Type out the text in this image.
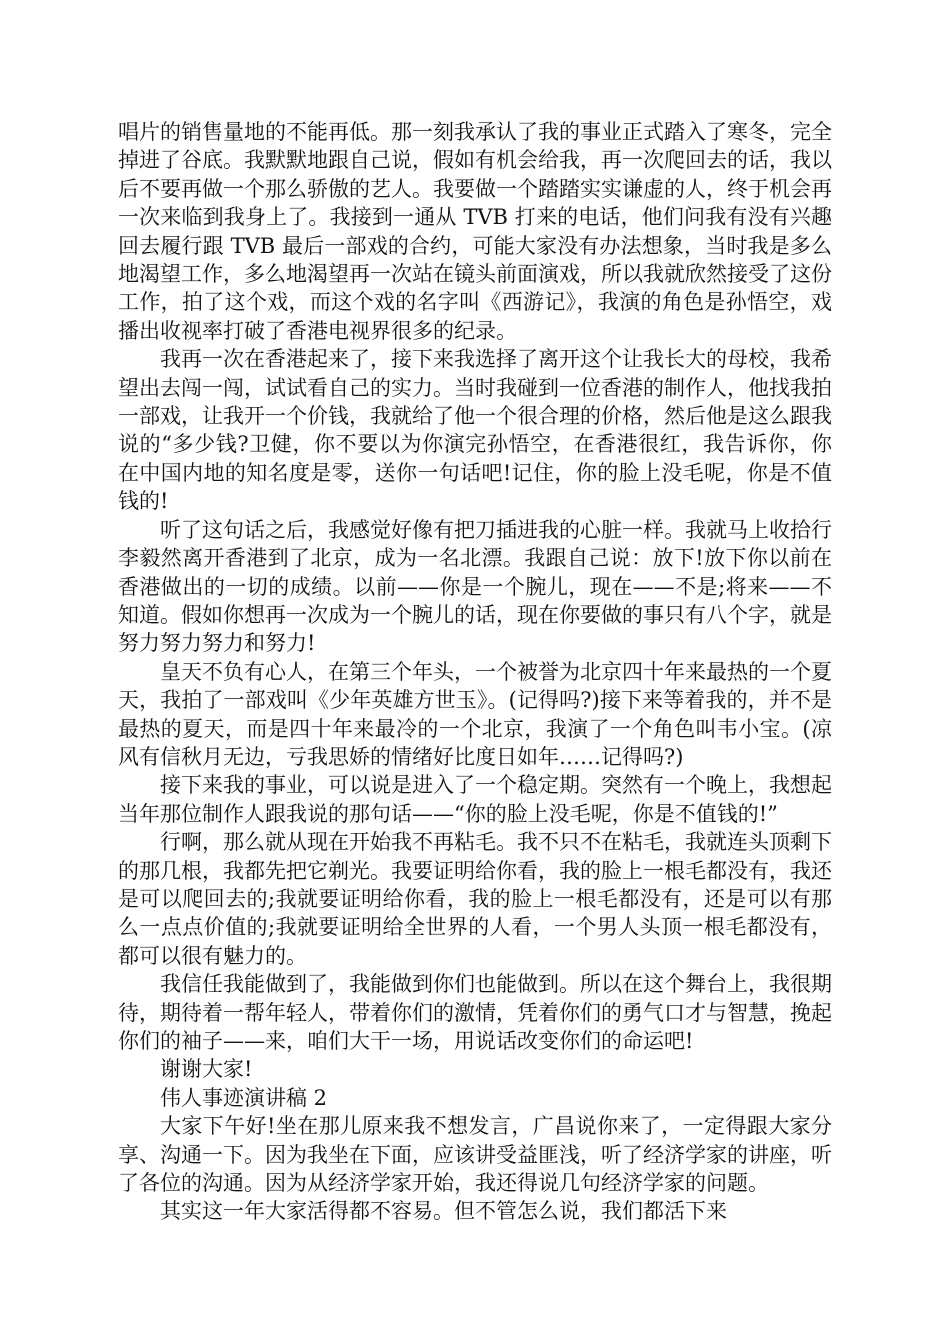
唱片的销售量地的不能再低。那一刻我承认了我的事业正式踏入了寒冬，完全掉进了谷底。我默默地跟自己说，假如有机会给我，再一次爬回去的话，我以后不要再做一个那么骄傲的艺人。我要做一个踏踏实实谦虚的人，终于机会再一次来临到我身上了。我接到一通从 TVB 打来的电话，他们问我有没有兴趣回去履行跟 TVB 最后一部戏的合约，可能大家没有办法想象，当时我是多么地渴望工作，多么地渴望再一次站在镜头前面演戏，所以我就欣然接受了这份工作，拍了这个戏，而这个戏的名字叫《西游记》，我演的角色是孙悟空，戏播出收视率打破了香港电视界很多的纪录。

我再一次在香港起来了，接下来我选择了离开这个让我长大的母校，我希望出去闯一闯，试试看自己的实力。当时我碰到一位香港的制作人，他找我拍一部戏，让我开一个价钱，我就给了他一个很合理的价格，然后他是这么跟我说的“多少钱?卫健，你不要以为你演完孙悟空，在香港很红，我告诉你，你在中国内地的知名度是零，送你一句话吧!记住，你的脸上没毛呢，你是不值钱的!

听了这句话之后，我感觉好像有把刀插进我的心脏一样。我就马上收拾行李毅然离开香港到了北京，成为一名北漂。我跟自己说：放下!放下你以前在香港做出的一切的成绩。以前——你是一个腕儿，现在——不是;将来——不知道。假如你想再一次成为一个腕儿的话，现在你要做的事只有八个字，就是努力努力努力和努力!

皇天不负有心人，在第三个年头，一个被誉为北京四十年来最热的一个夏天，我拍了一部戏叫《少年英雄方世玉》。(记得吗?)接下来等着我的，并不是最热的夏天，而是四十年来最冷的一个北京，我演了一个角色叫韦小宝。(凉风有信秋月无边，亏我思娇的情绪好比度日如年……记得吗?)

接下来我的事业，可以说是进入了一个稳定期。突然有一个晚上，我想起当年那位制作人跟我说的那句话——“你的脸上没毛呢，你是不值钱的!”

行啊，那么就从现在开始我不再粘毛。我不只不在粘毛，我就连头顶剩下的那几根，我都先把它剃光。我要证明给你看，我的脸上一根毛都没有，我还是可以爬回去的;我就要证明给你看，我的脸上一根毛都没有，还是可以有那么一点点价值的;我就要证明给全世界的人看，一个男人头顶一根毛都没有，都可以很有魅力的。

我信任我能做到了，我能做到你们也能做到。所以在这个舞台上，我很期待，期待着一帮年轻人，带着你们的激情，凭着你们的勇气口才与智慧，挽起你们的袖子——来，咱们大干一场，用说话改变你们的命运吧!

谢谢大家!

伟人事迹演讲稿 2

大家下午好!坐在那儿原来我不想发言，广昌说你来了，一定得跟大家分享、沟通一下。因为我坐在下面，应该讲受益匪浅，听了经济学家的讲座，听了各位的沟通。因为从经济学家开始，我还得说几句经济学家的问题。

其实这一年大家活得都不容易。但不管怎么说，我们都活下来
